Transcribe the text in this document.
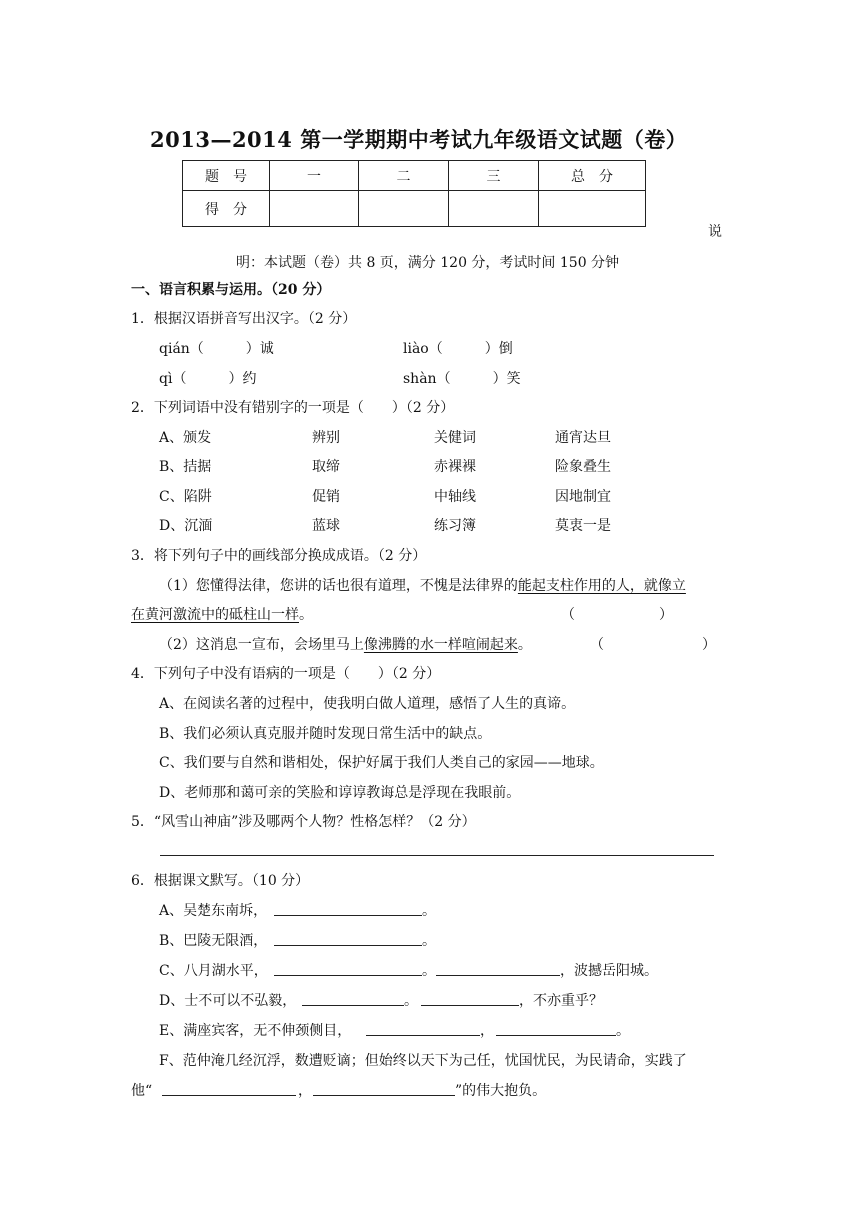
2013—2014 第一学期期中考试九年级语文试题（卷）
题　号	一	二	三	总　分
得　分				
说
明：本试题（卷）共 8 页，满分 120 分，考试时间 150 分钟
一、语言积累与运用。（20 分）
1．根据汉语拼音写出汉字。（2 分）
qián（　　　）诚	liào（　　　）倒
qì（　　　）约	shàn（　　　）笑
2．下列词语中没有错别字的一项是（　　）（2 分）
A、颁发	辨别	关健词	通宵达旦
B、拮据	取缔	赤裸裸	险象叠生
C、陷阱	促销	中轴线	因地制宜
D、沉湎	蓝球	练习簿	莫衷一是
3．将下列句子中的画线部分换成成语。（2 分）
（1）您懂得法律，您讲的话也很有道理，不愧是法律界的能起支柱作用的人，就像立
在黄河激流中的砥柱山一样。	（　　　　　　）
（2）这消息一宣布，会场里马上像沸腾的水一样喧闹起来。	（　　　　　　　）
4．下列句子中没有语病的一项是（　　）（2 分）
A、在阅读名著的过程中，使我明白做人道理，感悟了人生的真谛。
B、我们必须认真克服并随时发现日常生活中的缺点。
C、我们要与自然和谐相处，保护好属于我们人类自己的家园——地球。
D、老师那和蔼可亲的笑脸和谆谆教诲总是浮现在我眼前。
5．“风雪山神庙”涉及哪两个人物？性格怎样？（2 分）
6．根据课文默写。（10 分）
A、吴楚东南坼，	。
B、巴陵无限酒，	。
C、八月湖水平，	。	，波撼岳阳城。
D、士不可以不弘毅，	。	，不亦重乎？
E、满座宾客，无不伸颈侧目，	，	。
F、范仲淹几经沉浮，数遭贬谪；但始终以天下为己任，忧国忧民，为民请命，实践了
他“	，	”的伟大抱负。
